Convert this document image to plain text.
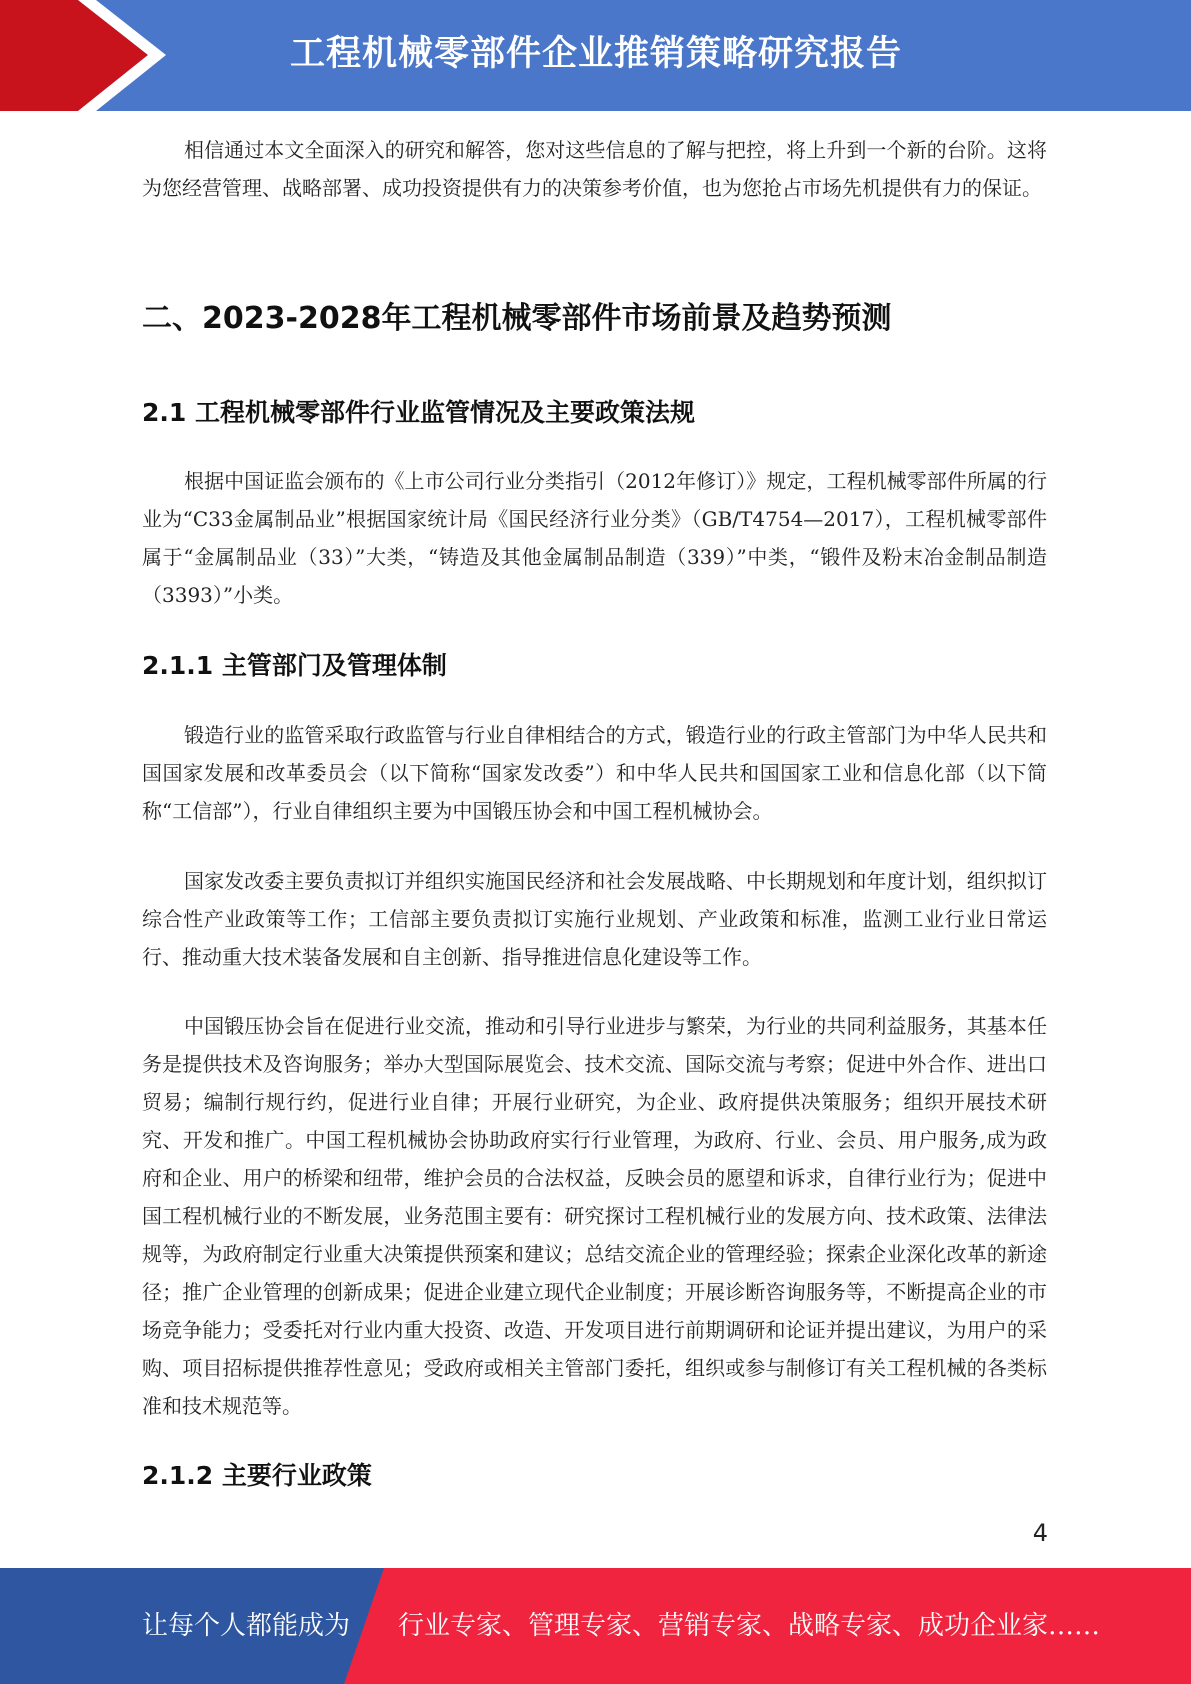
工程机械零部件企业推销策略研究报告

相信通过本文全面深入的研究和解答，您对这些信息的了解与把控，将上升到一个新的台阶。这将为您经营管理、战略部署、成功投资提供有力的决策参考价值，也为您抢占市场先机提供有力的保证。

二、2023-2028年工程机械零部件市场前景及趋势预测
2.1 工程机械零部件行业监管情况及主要政策法规

根据中国证监会颁布的《上市公司行业分类指引（2012年修订）》规定，工程机械零部件所属的行业为“C33金属制品业”根据国家统计局《国民经济行业分类》（GB/T4754—2017），工程机械零部件属于“金属制品业（33）”大类，“铸造及其他金属制品制造（339）”中类，“锻件及粉末冶金制品制造（3393）”小类。

2.1.1 主管部门及管理体制

锻造行业的监管采取行政监管与行业自律相结合的方式，锻造行业的行政主管部门为中华人民共和国国家发展和改革委员会（以下简称“国家发改委”）和中华人民共和国国家工业和信息化部（以下简称“工信部”），行业自律组织主要为中国锻压协会和中国工程机械协会。

国家发改委主要负责拟订并组织实施国民经济和社会发展战略、中长期规划和年度计划，组织拟订综合性产业政策等工作；工信部主要负责拟订实施行业规划、产业政策和标准，监测工业行业日常运行、推动重大技术装备发展和自主创新、指导推进信息化建设等工作。

中国锻压协会旨在促进行业交流，推动和引导行业进步与繁荣，为行业的共同利益服务，其基本任务是提供技术及咨询服务；举办大型国际展览会、技术交流、国际交流与考察；促进中外合作、进出口贸易；编制行规行约，促进行业自律；开展行业研究，为企业、政府提供决策服务；组织开展技术研究、开发和推广。中国工程机械协会协助政府实行行业管理，为政府、行业、会员、用户服务,成为政府和企业、用户的桥梁和纽带，维护会员的合法权益，反映会员的愿望和诉求，自律行业行为；促进中国工程机械行业的不断发展，业务范围主要有：研究探讨工程机械行业的发展方向、技术政策、法律法规等，为政府制定行业重大决策提供预案和建议；总结交流企业的管理经验；探索企业深化改革的新途径；推广企业管理的创新成果；促进企业建立现代企业制度；开展诊断咨询服务等，不断提高企业的市场竞争能力；受委托对行业内重大投资、改造、开发项目进行前期调研和论证并提出建议，为用户的采购、项目招标提供推荐性意见；受政府或相关主管部门委托，组织或参与制修订有关工程机械的各类标准和技术规范等。

2.1.2 主要行业政策
4
让每个人都能成为 行业专家、管理专家、营销专家、战略专家、成功企业家……
